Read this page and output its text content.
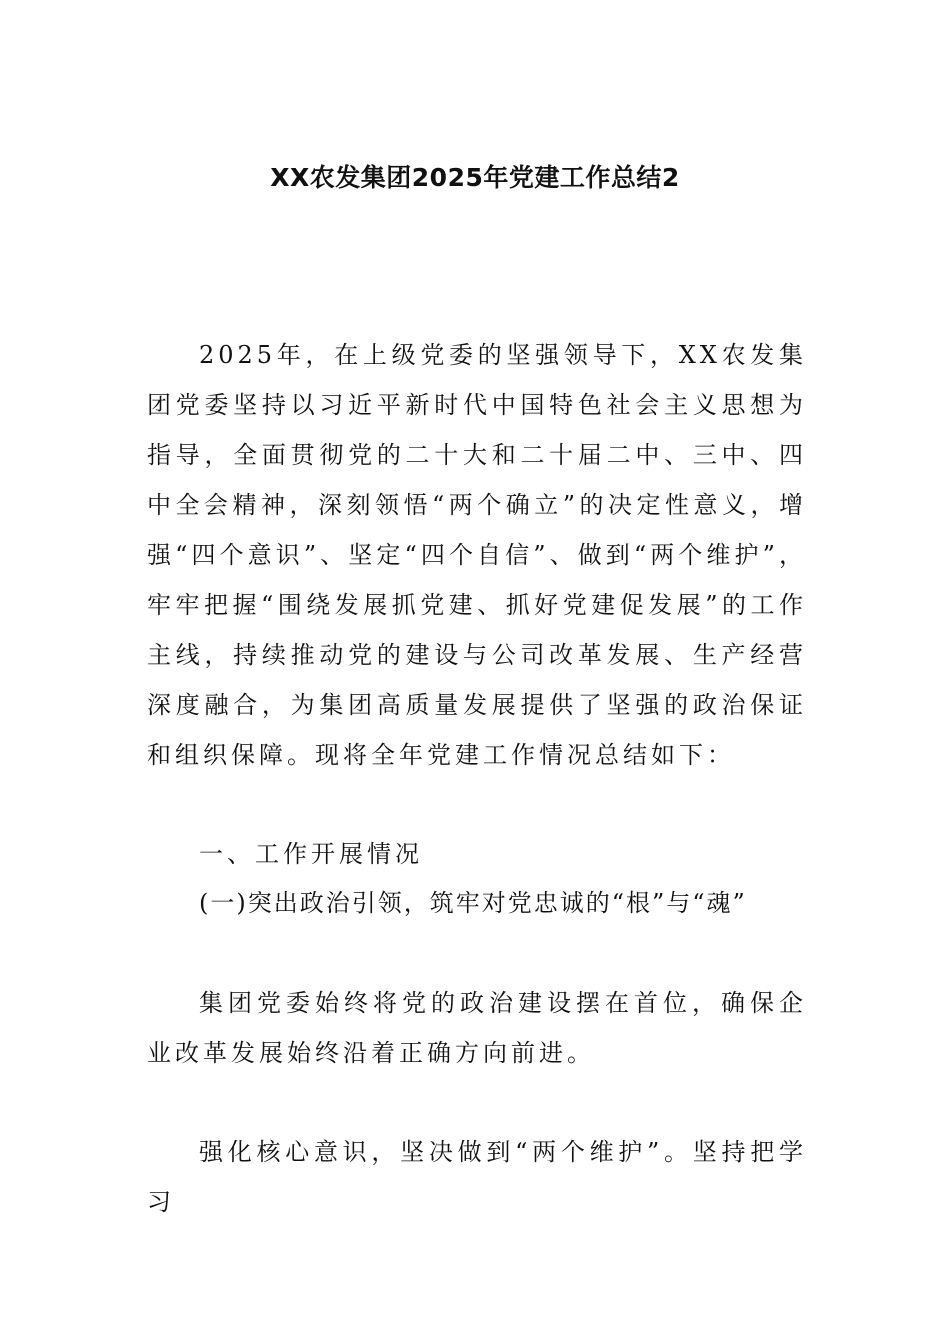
XX农发集团2025年党建工作总结2

2025年，在上级党委的坚强领导下，XX农发集团党委坚持以习近平新时代中国特色社会主义思想为指导，全面贯彻党的二十大和二十届二中、三中、四中全会精神，深刻领悟“两个确立”的决定性意义，增强“四个意识”、坚定“四个自信”、做到“两个维护”，牢牢把握“围绕发展抓党建、抓好党建促发展”的工作主线，持续推动党的建设与公司改革发展、生产经营深度融合，为集团高质量发展提供了坚强的政治保证和组织保障。现将全年党建工作情况总结如下：

一、工作开展情况

(一)突出政治引领，筑牢对党忠诚的“根”与“魂”

集团党委始终将党的政治建设摆在首位，确保企业改革发展始终沿着正确方向前进。

强化核心意识，坚决做到“两个维护”。坚持把学习
